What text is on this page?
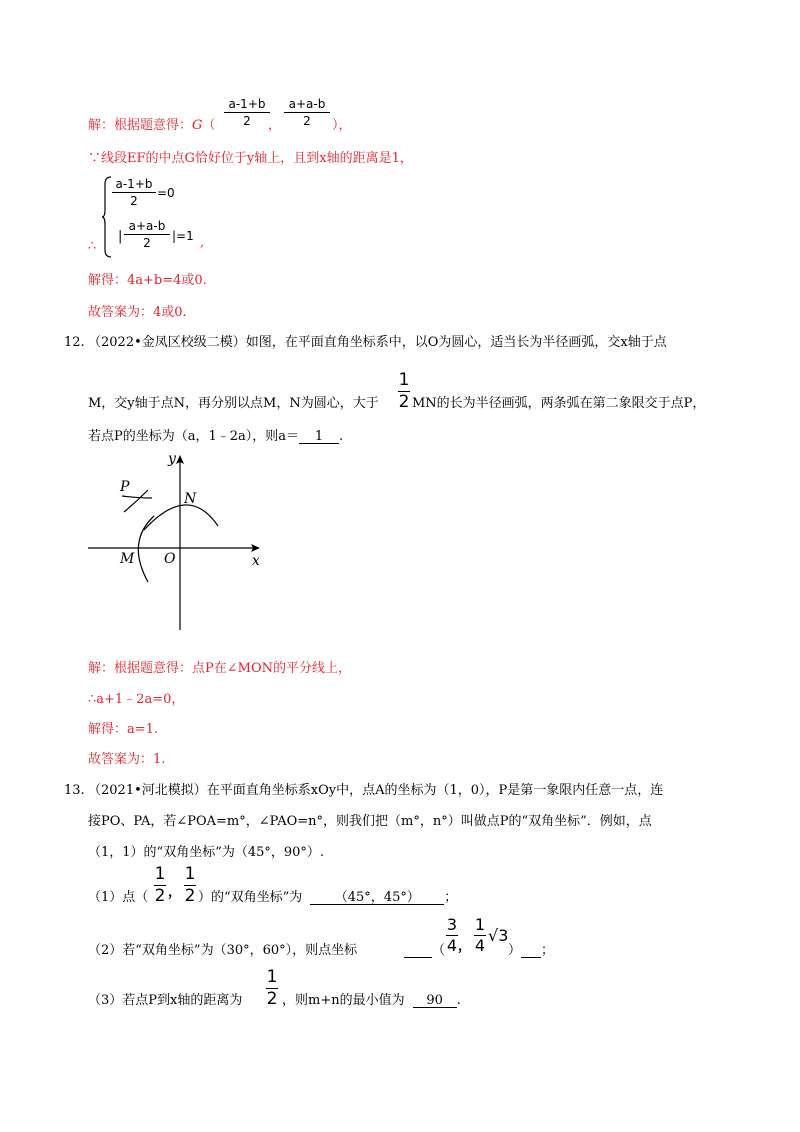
a-1+b
2
a+a-b
2
解：根据题意得：G（	，	），
∵线段EF的中点G恰好位于y轴上，且到x轴的距离是1，
a-1+b
2
=0
|
a+a-b
2	|=1
∴	,
解得：4a+b=4或0.
故答案为：4或0.
12. （2022•金凤区校级二模）如图，在平面直角坐标系中，以O为圆心，适当长为半径画弧，交x轴于点
M，交y轴于点N，再分别以点M，N为圆心，大于
1
2 MN的长为半径画弧，两条弧在第二象限交于点P，
若点P的坐标为（a，1﹣2a），则a＝ 1 .
y
P
N
M O	x
解：根据题意得：点P在∠MON的平分线上，
∴a+1﹣2a=0，
解得：a=1.
故答案为：1.
13. （2021•河北模拟）在平面直角坐标系xOy中，点A的坐标为（1，0），P是第一象限内任意一点，连
接PO、PA，若∠POA=m°，∠PAO=n°，则我们把（m°，n°）叫做点P的“双角坐标”．例如，点
（1，1）的“双角坐标”为（45°，90°）.
（1）点（
1
2 ，
1
2 ）的“双角坐标”为 （45°，45°） ；
（2）若“双角坐标”为（30°，60°），则点坐标
	（
3
4 ，
1
4
√3
） ；
（3）若点P到x轴的距离为
1
2 ，则m+n的最小值为 90 .
